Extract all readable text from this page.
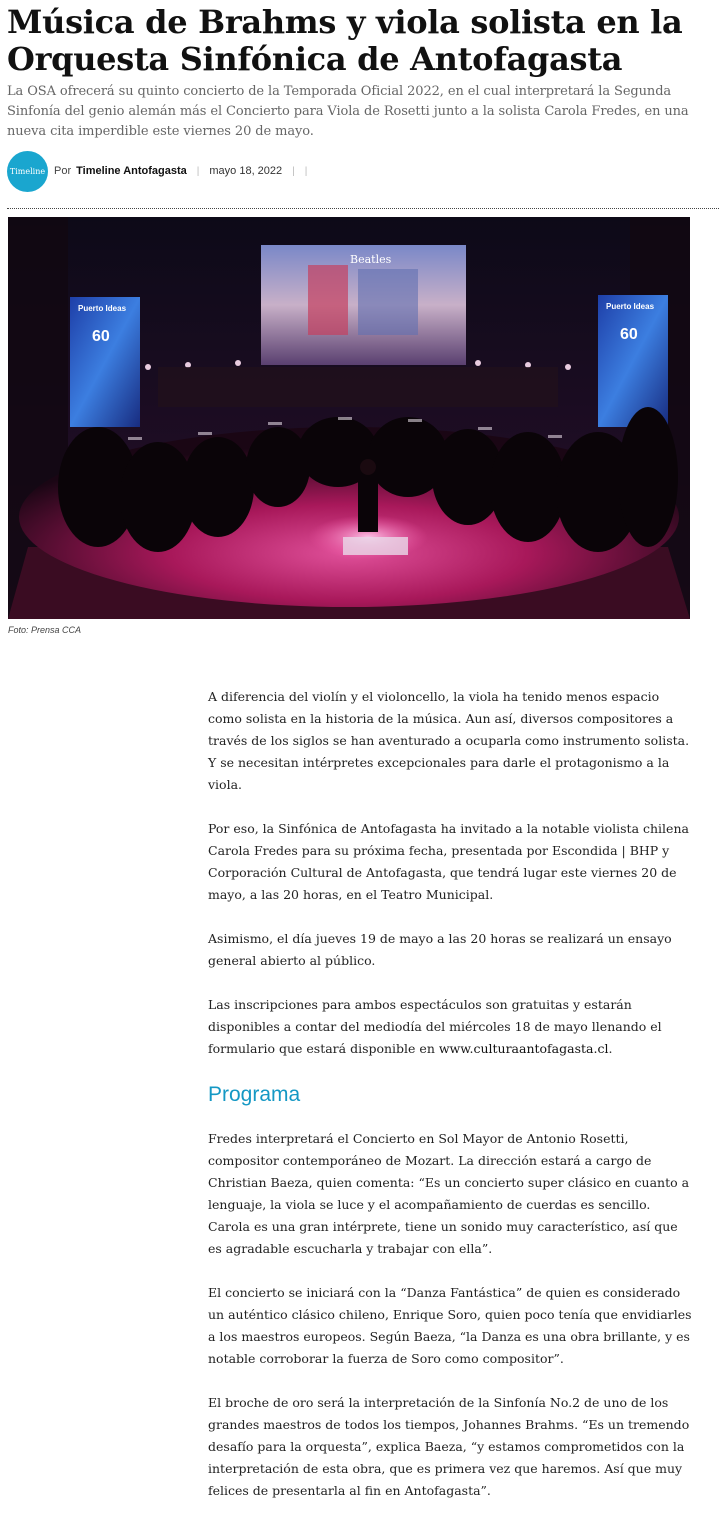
Música de Brahms y viola solista en la Orquesta Sinfónica de Antofagasta

La OSA ofrecerá su quinto concierto de la Temporada Oficial 2022, en el cual interpretará la Segunda Sinfonía del genio alemán más el Concierto para Viola de Rosetti junto a la solista Carola Fredes, en una nueva cita imperdible este viernes 20 de mayo.

Timeline Por Timeline Antofagasta | mayo 18, 2022 | |
Beatles
Puerto Ideas
60
Puerto Ideas
60
Foto: Prensa CCA

A diferencia del violín y el violoncello, la viola ha tenido menos espacio como solista en la historia de la música. Aun así, diversos compositores a través de los siglos se han aventurado a ocuparla como instrumento solista. Y se necesitan intérpretes excepcionales para darle el protagonismo a la viola.

Por eso, la Sinfónica de Antofagasta ha invitado a la notable violista chilena Carola Fredes para su próxima fecha, presentada por Escondida | BHP y Corporación Cultural de Antofagasta, que tendrá lugar este viernes 20 de mayo, a las 20 horas, en el Teatro Municipal.

Asimismo, el día jueves 19 de mayo a las 20 horas se realizará un ensayo general abierto al público.

Las inscripciones para ambos espectáculos son gratuitas y estarán disponibles a contar del mediodía del miércoles 18 de mayo llenando el formulario que estará disponible en www.culturaantofagasta.cl.

Programa

Fredes interpretará el Concierto en Sol Mayor de Antonio Rosetti, compositor contemporáneo de Mozart. La dirección estará a cargo de Christian Baeza, quien comenta: “Es un concierto super clásico en cuanto a lenguaje, la viola se luce y el acompañamiento de cuerdas es sencillo. Carola es una gran intérprete, tiene un sonido muy característico, así que es agradable escucharla y trabajar con ella”.

El concierto se iniciará con la “Danza Fantástica” de quien es considerado un auténtico clásico chileno, Enrique Soro, quien poco tenía que envidiarles a los maestros europeos. Según Baeza, “la Danza es una obra brillante, y es notable corroborar la fuerza de Soro como compositor”.

El broche de oro será la interpretación de la Sinfonía No.2 de uno de los grandes maestros de todos los tiempos, Johannes Brahms. “Es un tremendo desafío para la orquesta”, explica Baeza, “y estamos comprometidos con la interpretación de esta obra, que es primera vez que haremos. Así que muy felices de presentarla al fin en Antofagasta”.
